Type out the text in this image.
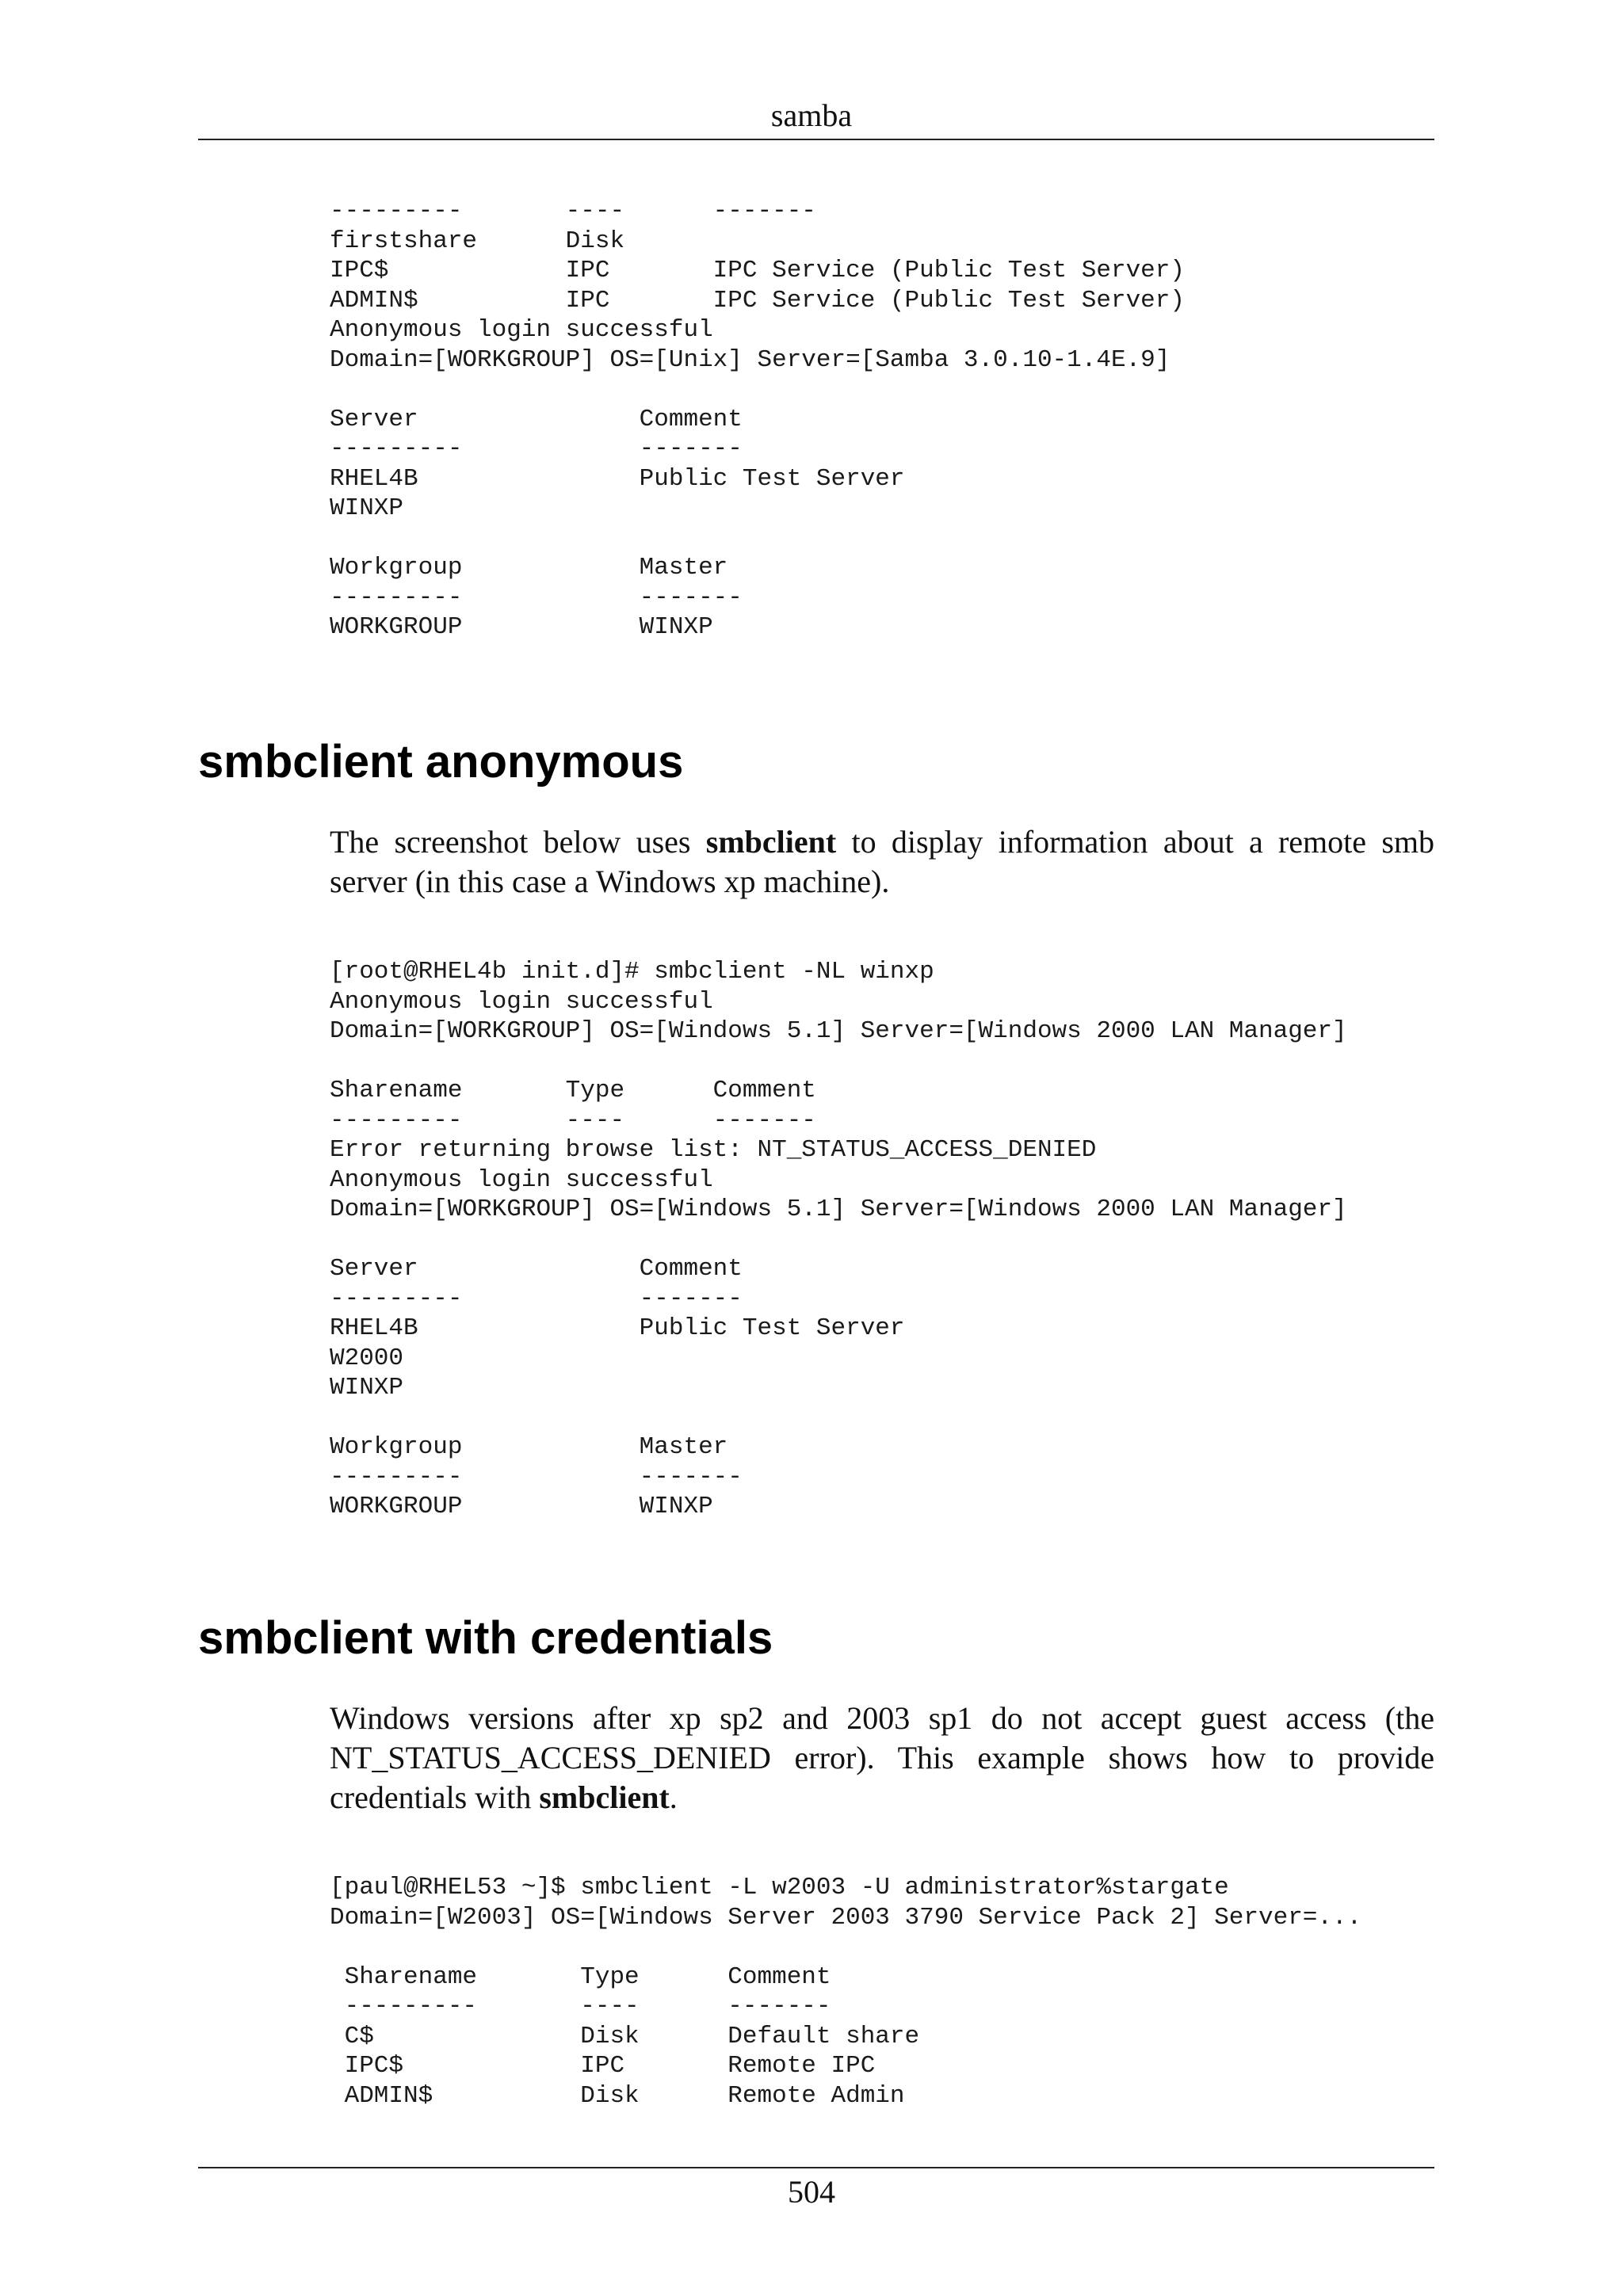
samba
---------       ----      -------
firstshare      Disk
IPC$            IPC       IPC Service (Public Test Server)
ADMIN$          IPC       IPC Service (Public Test Server)
Anonymous login successful
Domain=[WORKGROUP] OS=[Unix] Server=[Samba 3.0.10-1.4E.9]

Server               Comment
---------            -------
RHEL4B               Public Test Server
WINXP

Workgroup            Master
---------            -------
WORKGROUP            WINXP
smbclient anonymous

The screenshot below uses smbclient to display information about a remote smb server (in this case a Windows xp machine).

[root@RHEL4b init.d]# smbclient -NL winxp
Anonymous login successful
Domain=[WORKGROUP] OS=[Windows 5.1] Server=[Windows 2000 LAN Manager]

Sharename       Type      Comment
---------       ----      -------
Error returning browse list: NT_STATUS_ACCESS_DENIED
Anonymous login successful
Domain=[WORKGROUP] OS=[Windows 5.1] Server=[Windows 2000 LAN Manager]

Server               Comment
---------            -------
RHEL4B               Public Test Server
W2000
WINXP

Workgroup            Master
---------            -------
WORKGROUP            WINXP
smbclient with credentials

Windows versions after xp sp2 and 2003 sp1 do not accept guest access (the NT_STATUS_ACCESS_DENIED error). This example shows how to provide credentials with smbclient.

[paul@RHEL53 ~]$ smbclient -L w2003 -U administrator%stargate
Domain=[W2003] OS=[Windows Server 2003 3790 Service Pack 2] Server=...

Sharename       Type      Comment
---------       ----      -------
C$              Disk      Default share
IPC$            IPC       Remote IPC
ADMIN$          Disk      Remote Admin
504
